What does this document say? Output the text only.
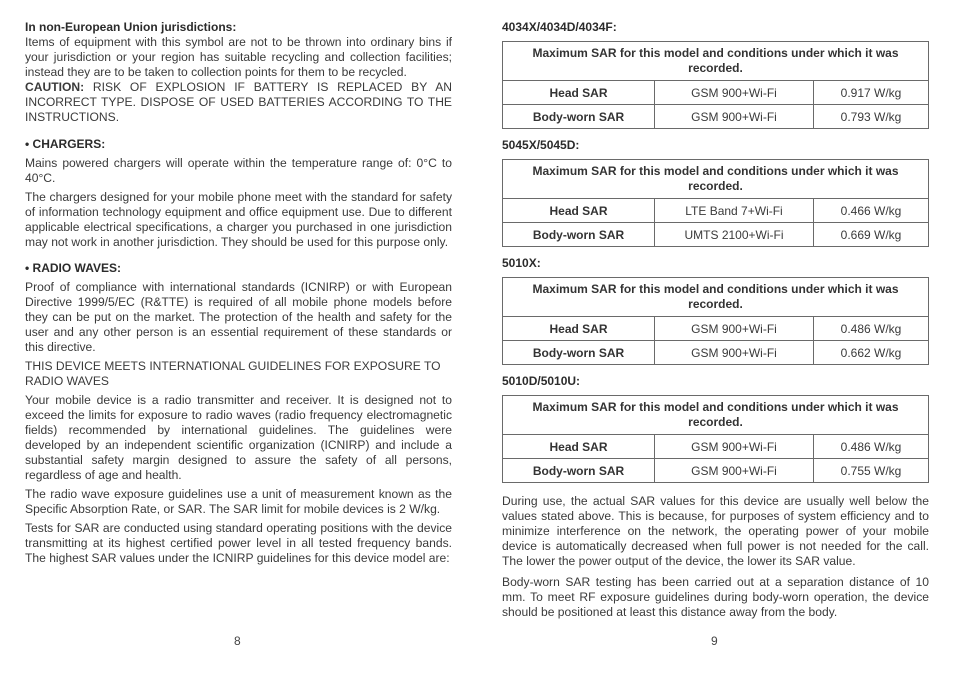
In non-European Union jurisdictions:

Items of equipment with this symbol are not to be thrown into ordinary bins if your jurisdiction or your region has suitable recycling and collection facilities; instead they are to be taken to collection points for them to be recycled.

CAUTION: RISK OF EXPLOSION IF BATTERY IS REPLACED BY AN INCORRECT TYPE. DISPOSE OF USED BATTERIES ACCORDING TO THE INSTRUCTIONS.

• CHARGERS:

Mains powered chargers will operate within the temperature range of: 0°C to 40°C.

The chargers designed for your mobile phone meet with the standard for safety of information technology equipment and office equipment use. Due to different applicable electrical specifications, a charger you purchased in one jurisdiction may not work in another jurisdiction. They should be used for this purpose only.

• RADIO WAVES:

Proof of compliance with international standards (ICNIRP) or with European Directive 1999/5/EC (R&TTE) is required of all mobile phone models before they can be put on the market. The protection of the health and safety for the user and any other person is an essential requirement of these standards or this directive.

THIS DEVICE MEETS INTERNATIONAL GUIDELINES FOR EXPOSURE TO RADIO WAVES

Your mobile device is a radio transmitter and receiver. It is designed not to exceed the limits for exposure to radio waves (radio frequency electromagnetic fields) recommended by international guidelines. The guidelines were developed by an independent scientific organization (ICNIRP) and include a substantial safety margin designed to assure the safety of all persons, regardless of age and health.

The radio wave exposure guidelines use a unit of measurement known as the Specific Absorption Rate, or SAR. The SAR limit for mobile devices is 2 W/kg.

Tests for SAR are conducted using standard operating positions with the device transmitting at its highest certified power level in all tested frequency bands. The highest SAR values under the ICNIRP guidelines for this device model are:

8

4034X/4034D/4034F:

Maximum SAR for this model and conditions under which it was recorded.		
Head SAR	GSM 900+Wi-Fi	0.917 W/kg
Body-worn SAR	GSM 900+Wi-Fi	0.793 W/kg

5045X/5045D:

Maximum SAR for this model and conditions under which it was recorded.		
Head SAR	LTE Band 7+Wi-Fi	0.466 W/kg
Body-worn SAR	UMTS 2100+Wi-Fi	0.669 W/kg

5010X:

Maximum SAR for this model and conditions under which it was recorded.		
Head SAR	GSM 900+Wi-Fi	0.486 W/kg
Body-worn SAR	GSM 900+Wi-Fi	0.662 W/kg

5010D/5010U:

Maximum SAR for this model and conditions under which it was recorded.		
Head SAR	GSM 900+Wi-Fi	0.486 W/kg
Body-worn SAR	GSM 900+Wi-Fi	0.755 W/kg

During use, the actual SAR values for this device are usually well below the values stated above. This is because, for purposes of system efficiency and to minimize interference on the network, the operating power of your mobile device is automatically decreased when full power is not needed for the call. The lower the power output of the device, the lower its SAR value.

Body-worn SAR testing has been carried out at a separation distance of 10 mm. To meet RF exposure guidelines during body-worn operation, the device should be positioned at least this distance away from the body.

9
